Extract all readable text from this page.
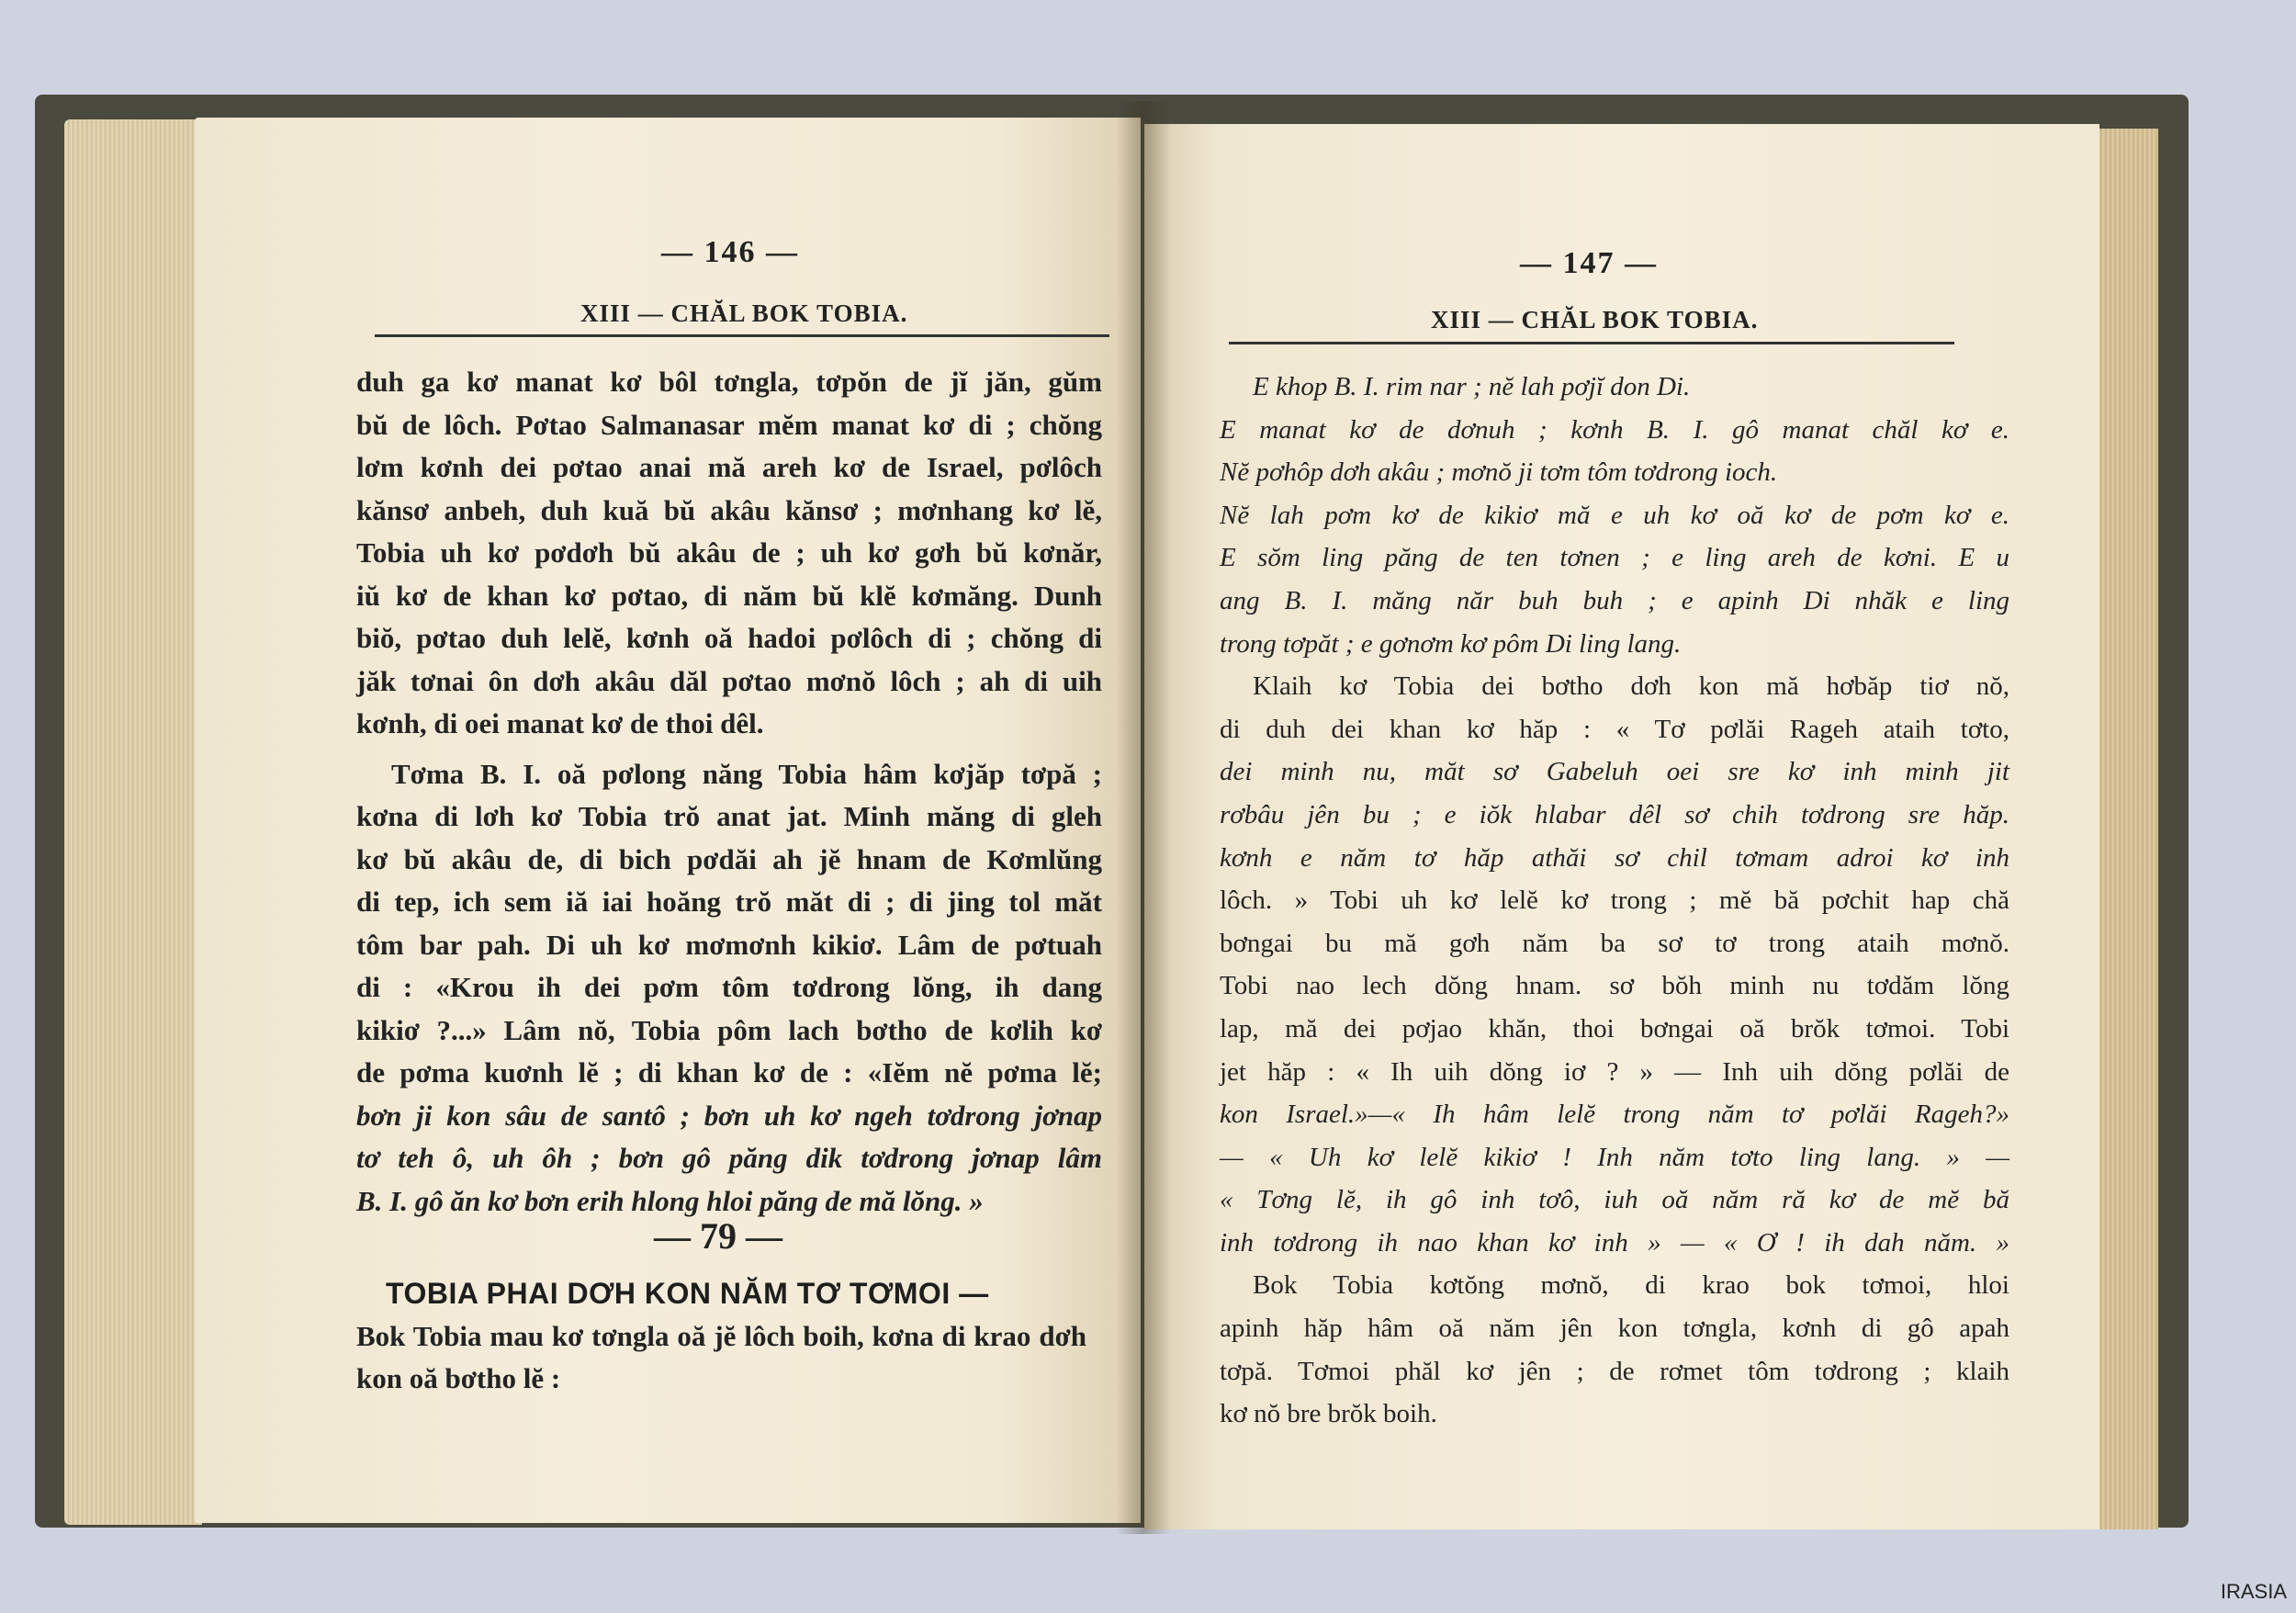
— 146 —
XIII — CHĂL BOK TOBIA.
duh ga kơ manat kơ bôl tơngla, tơpŏn de jĭ jăn, gŭm
bŭ de lôch. Pơtao Salmanasar mĕm manat kơ di ; chŏng
lơm kơnh dei pơtao anai mă areh kơ de Israel, pơlôch
kănsơ anbeh, duh kuă bŭ akâu kănsơ ; mơnhang kơ lĕ,
Tobia uh kơ pơdơh bŭ akâu de ; uh kơ gơh bŭ kơnăr,
iŭ kơ de khan kơ pơtao, di năm bŭ klĕ kơmăng. Dunh
biŏ, pơtao duh lelĕ, kơnh oă hadoi pơlôch di ; chŏng di
jăk tơnai ôn dơh akâu dăl pơtao mơnŏ lôch ; ah di uih
kơnh, di oei manat kơ de thoi dêl.
Tơma B. I. oă pơlong năng Tobia hâm kơjăp tơpă ;
kơna di lơh kơ Tobia trŏ anat jat. Minh măng di gleh
kơ bŭ akâu de, di bich pơdăi ah jĕ hnam de Kơmlŭng
di tep, ich sem iă iai hoăng trŏ măt di ; di jing tol măt
tôm bar pah. Di uh kơ mơmơnh kikiơ. Lâm de pơtuah
di : «Krou ih dei pơm tôm tơdrong lŏng, ih dang
kikiơ ?...» Lâm nŏ, Tobia pôm lach bơtho de kơlih kơ
de pơma kuơnh lĕ ; di khan kơ de : «Iĕm nĕ pơma lĕ;
bơn ji kon sâu de santô ; bơn uh kơ ngeh tơdrong jơnap
tơ teh ô, uh ôh ; bơn gô păng dik tơdrong jơnap lâm
B. I. gô ăn kơ bơn erih hlong hloi păng de mă lŏng. »
— 79 —
TOBIA PHAI DƠH KON NĂM TƠ TƠMOI —
Bok Tobia mau kơ tơngla oă jĕ lôch boih, kơna di krao dơh
kon oă bơtho lĕ :
— 147 —
XIII — CHĂL BOK TOBIA.
E khop B. I. rim nar ; nĕ lah pơjĭ don Di.
E manat kơ de dơnuh ; kơnh B. I. gô manat chăl kơ e.
Nĕ pơhôp dơh akâu ; mơnŏ ji tơm tôm tơdrong ioch.
Nĕ lah pơm kơ de kikiơ mă e uh kơ oă kơ de pơm kơ e.
E sŏm ling păng de ten tơnen ; e ling areh de kơni. E u
ang B. I. măng năr buh buh ; e apinh Di nhăk e ling
trong tơpăt ; e gơnơm kơ pôm Di ling lang.
Klaih kơ Tobia dei bơtho dơh kon mă hơbăp tiơ nŏ,
di duh dei khan kơ hăp : « Tơ pơlăi Rageh ataih tơto,
dei minh nu, măt sơ Gabeluh oei sre kơ inh minh jit
rơbâu jên bu ; e iŏk hlabar dêl sơ chih tơdrong sre hăp.
kơnh e năm tơ hăp athăi sơ chil tơmam adroi kơ inh
lôch. » Tobi uh kơ lelĕ kơ trong ; mĕ bă pơchit hap chă
bơngai bu mă gơh năm ba sơ tơ trong ataih mơnŏ.
Tobi nao lech dŏng hnam. sơ bŏh minh nu tơdăm lŏng
lap, mă dei pơjao khăn, thoi bơngai oă brŏk tơmoi. Tobi
jet hăp : « Ih uih dŏng iơ ? » — Inh uih dŏng pơlăi de
kon Israel.»—« Ih hâm lelĕ trong năm tơ pơlăi Rageh?»
— « Uh kơ lelĕ kikiơ ! Inh năm tơto ling lang. » —
« Tơng lĕ, ih gô inh tơô, iuh oă năm ră kơ de mĕ bă
inh tơdrong ih nao khan kơ inh » — « Ơ ! ih dah năm. »
Bok Tobia kơtŏng mơnŏ, di krao bok tơmoi, hloi
apinh hăp hâm oă năm jên kon tơngla, kơnh di gô apah
tơpă. Tơmoi phăl kơ jên ; de rơmet tôm tơdrong ; klaih
kơ nŏ bre brŏk boih.
IRASIA
